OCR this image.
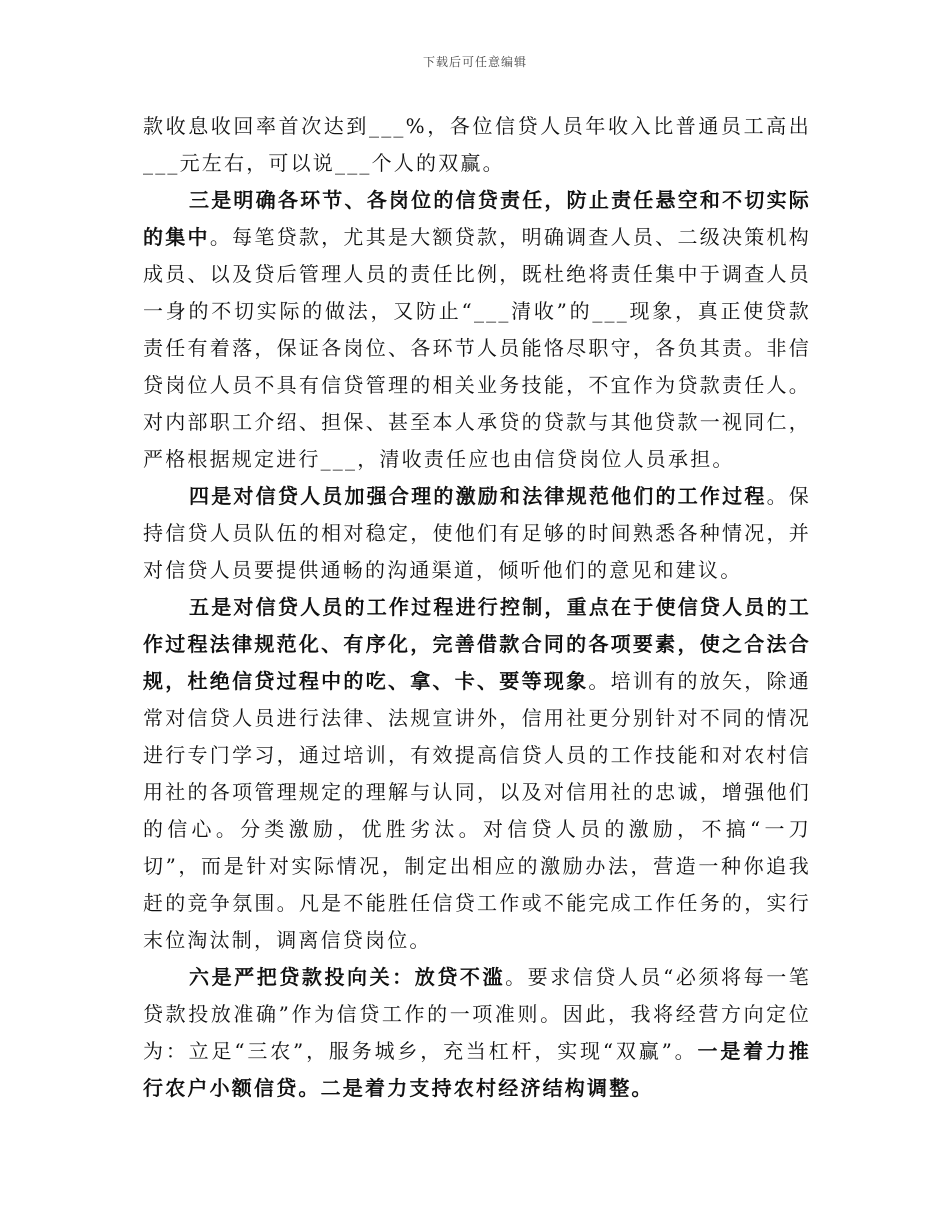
下载后可任意编辑

款收息收回率首次达到___%，各位信贷人员年收入比普通员工高出___元左右，可以说___个人的双赢。

三是明确各环节、各岗位的信贷责任，防止责任悬空和不切实际的集中。每笔贷款，尤其是大额贷款，明确调查人员、二级决策机构成员、以及贷后管理人员的责任比例，既杜绝将责任集中于调查人员一身的不切实际的做法，又防止“___清收”的___现象，真正使贷款责任有着落，保证各岗位、各环节人员能恪尽职守，各负其责。非信贷岗位人员不具有信贷管理的相关业务技能，不宜作为贷款责任人。对内部职工介绍、担保、甚至本人承贷的贷款与其他贷款一视同仁，严格根据规定进行___，清收责任应也由信贷岗位人员承担。

四是对信贷人员加强合理的激励和法律规范他们的工作过程。保持信贷人员队伍的相对稳定，使他们有足够的时间熟悉各种情况，并对信贷人员要提供通畅的沟通渠道，倾听他们的意见和建议。

五是对信贷人员的工作过程进行控制，重点在于使信贷人员的工作过程法律规范化、有序化，完善借款合同的各项要素，使之合法合规，杜绝信贷过程中的吃、拿、卡、要等现象。培训有的放矢，除通常对信贷人员进行法律、法规宣讲外，信用社更分别针对不同的情况进行专门学习，通过培训，有效提高信贷人员的工作技能和对农村信用社的各项管理规定的理解与认同，以及对信用社的忠诚，增强他们的信心。分类激励，优胜劣汰。对信贷人员的激励，不搞“一刀切”，而是针对实际情况，制定出相应的激励办法，营造一种你追我赶的竞争氛围。凡是不能胜任信贷工作或不能完成工作任务的，实行末位淘汰制，调离信贷岗位。

六是严把贷款投向关：放贷不滥。要求信贷人员“必须将每一笔贷款投放准确”作为信贷工作的一项准则。因此，我将经营方向定位为：立足“三农”，服务城乡，充当杠杆，实现“双赢”。一是着力推行农户小额信贷。二是着力支持农村经济结构调整。
